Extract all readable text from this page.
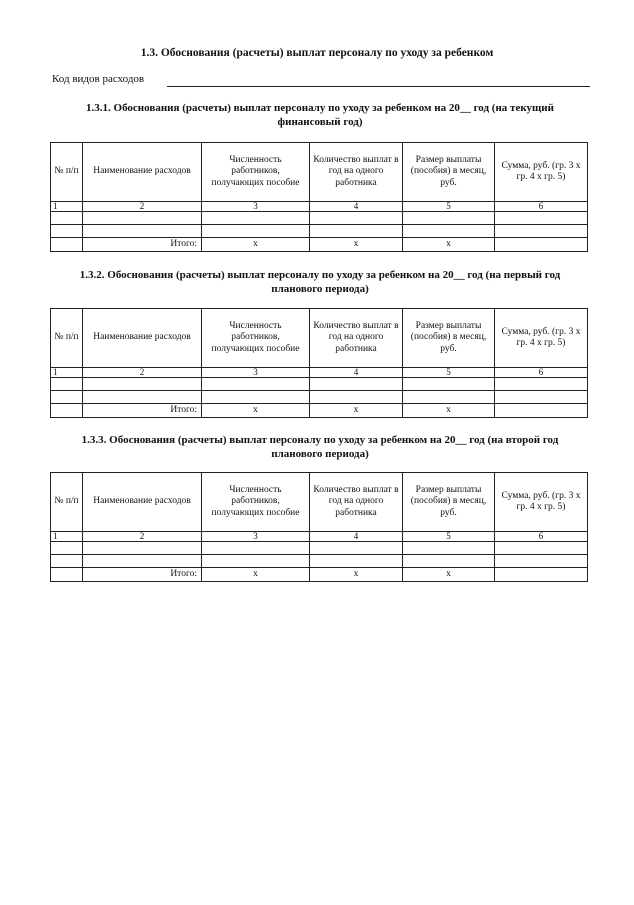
1.3. Обоснования (расчеты) выплат персоналу по уходу за ребенком
Код видов расходов
1.3.1. Обоснования (расчеты) выплат персоналу по уходу за ребенком на 20__ год (на текущий
финансовый год)
№ п/п	Наименование расходов	Численность работников, получающих пособие	Количество выплат в год на одного работника	Размер выплаты (пособия) в месяц, руб.	Сумма, руб. (гр. 3 х гр. 4 х гр. 5)
1	2	3	4	5	6

	Итого:	x	x	x	
1.3.2. Обоснования (расчеты) выплат персоналу по уходу за ребенком на 20__ год (на первый год
планового периода)
№ п/п	Наименование расходов	Численность работников, получающих пособие	Количество выплат в год на одного работника	Размер выплаты (пособия) в месяц, руб.	Сумма, руб. (гр. 3 х гр. 4 х гр. 5)
1	2	3	4	5	6

	Итого:	x	x	x	
1.3.3. Обоснования (расчеты) выплат персоналу по уходу за ребенком на 20__ год (на второй год
планового периода)
№ п/п	Наименование расходов	Численность работников, получающих пособие	Количество выплат в год на одного работника	Размер выплаты (пособия) в месяц, руб.	Сумма, руб. (гр. 3 х гр. 4 х гр. 5)
1	2	3	4	5	6

	Итого:	x	x	x	
